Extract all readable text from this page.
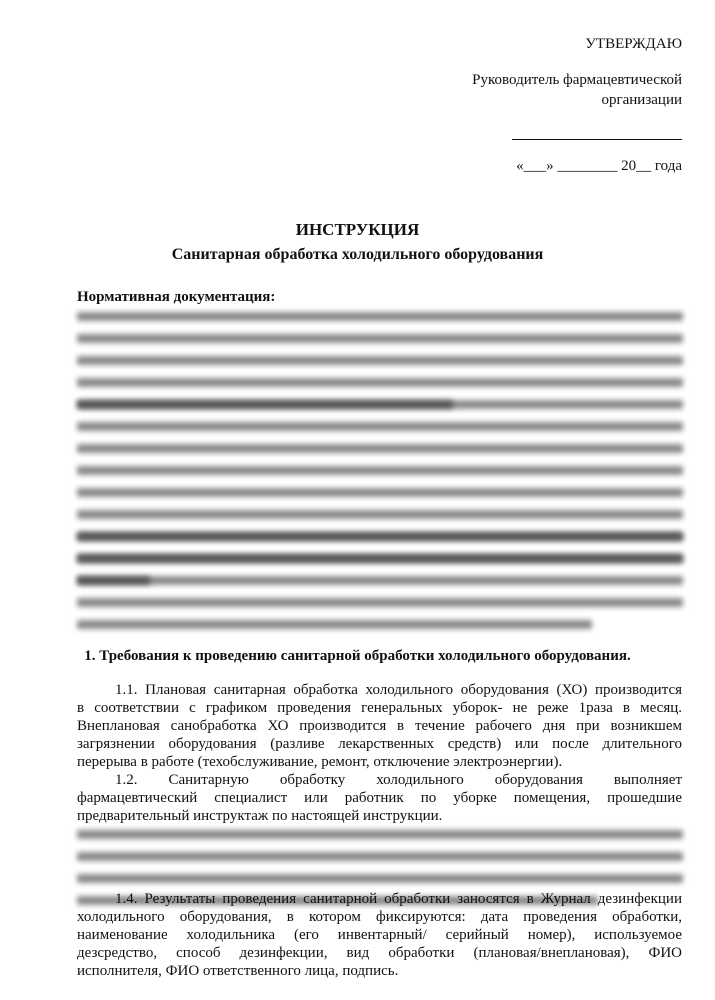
УТВЕРЖДАЮ
Руководитель фармацевтической
организации
«___» ________ 20__ года
ИНСТРУКЦИЯ
Санитарная обработка холодильного оборудования
Нормативная документация:
1. Требования к проведению санитарной обработки холодильного оборудования.
1.1. Плановая санитарная обработка холодильного оборудования (ХО) производится
в соответствии с графиком проведения генеральных уборок- не реже 1раза в месяц.
Внеплановая санобработка ХО производится в течение рабочего дня при возникшем
загрязнении оборудования (разливе лекарственных средств) или после длительного
перерыва в работе (техобслуживание, ремонт, отключение электроэнергии).
1.2. Санитарную обработку холодильного оборудования выполняет
фармацевтический специалист или работник по уборке помещения, прошедшие
предварительный инструктаж по настоящей инструкции.
1.4. Результаты проведения санитарной обработки заносятся в Журнал дезинфекции
холодильного оборудования, в котором фиксируются: дата проведения обработки,
наименование холодильника (его инвентарный/ серийный номер), используемое
дезсредство, способ дезинфекции, вид обработки (плановая/внеплановая), ФИО
исполнителя, ФИО ответственного лица, подпись.
